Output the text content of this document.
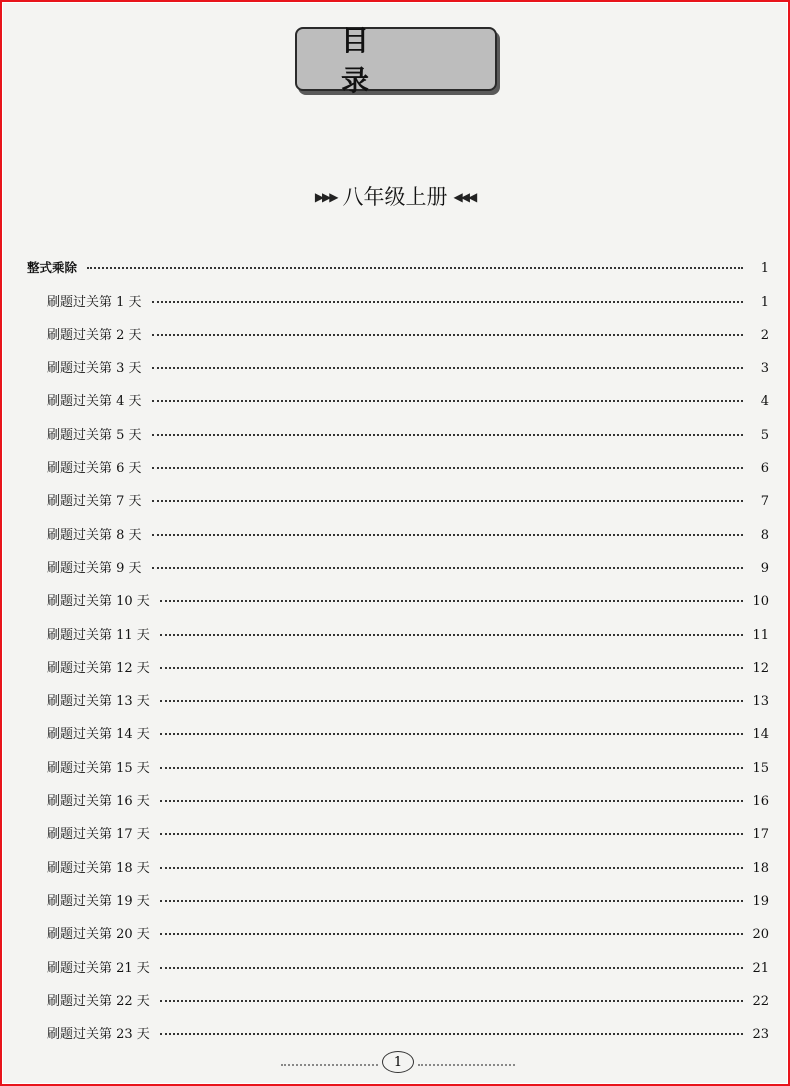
目 录
▶▶▶ 八年级上册 ◀◀◀
整式乘除	1
刷题过关第 1 天	1
刷题过关第 2 天	2
刷题过关第 3 天	3
刷题过关第 4 天	4
刷题过关第 5 天	5
刷题过关第 6 天	6
刷题过关第 7 天	7
刷题过关第 8 天	8
刷题过关第 9 天	9
刷题过关第 10 天	10
刷题过关第 11 天	11
刷题过关第 12 天	12
刷题过关第 13 天	13
刷题过关第 14 天	14
刷题过关第 15 天	15
刷题过关第 16 天	16
刷题过关第 17 天	17
刷题过关第 18 天	18
刷题过关第 19 天	19
刷题过关第 20 天	20
刷题过关第 21 天	21
刷题过关第 22 天	22
刷题过关第 23 天	23
1
